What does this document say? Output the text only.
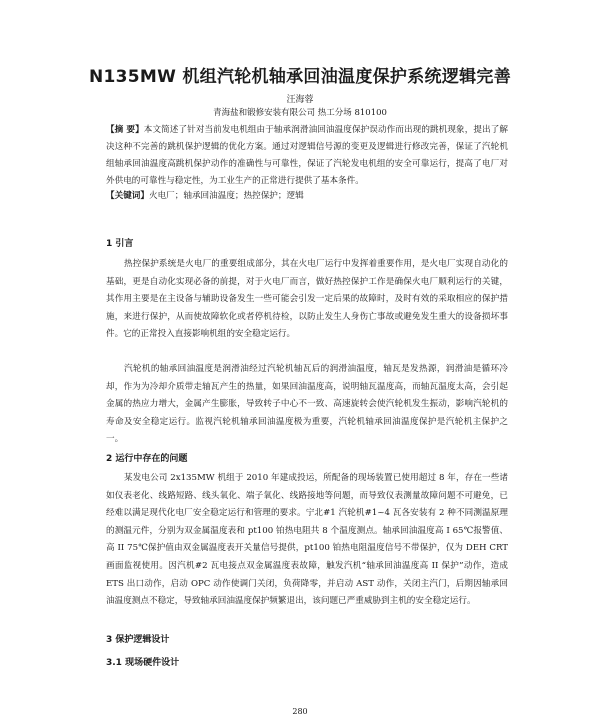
N135MW 机组汽轮机轴承回油温度保护系统逻辑完善
汪海蓉
青海盐和锻修安装有限公司 热工分场 810100
【摘 要】本文简述了针对当前发电机组由于轴承润滑油回油温度保护误动作而出现的跳机现象，提出了解决这种不完善的跳机保护逻辑的优化方案。通过对逻辑信号源的变更及逻辑进行修改完善，保证了汽轮机组轴承回油温度高跳机保护动作的准确性与可靠性，保证了汽轮发电机组的安全可靠运行，提高了电厂对外供电的可靠性与稳定性，为工业生产的正常进行提供了基本条件。
【关键词】火电厂；轴承回油温度；热控保护；逻辑
1 引言
热控保护系统是火电厂的重要组成部分，其在火电厂运行中发挥着重要作用，是火电厂实现自动化的基础，更是自动化实现必备的前提，对于火电厂而言，做好热控保护工作是确保火电厂顺利运行的关键，其作用主要是在主设备与辅助设备发生一些可能会引发一定后果的故障时，及时有效的采取相应的保护措施，来进行保护，从而使故障软化或者停机待检，以防止发生人身伤亡事故或避免发生重大的设备损坏事件。它的正常投入直接影响机组的安全稳定运行。
汽轮机的轴承回油温度是润滑油经过汽轮机轴瓦后的润滑油温度，轴瓦是发热源，润滑油是循环冷却，作为为冷却介质带走轴瓦产生的热量，如果回油温度高，说明轴瓦温度高，而轴瓦温度太高，会引起金属的热应力增大，金属产生膨胀，导致转子中心不一致、高速旋转会使汽轮机发生振动，影响汽轮机的寿命及安全稳定运行。监视汽轮机轴承回油温度极为重要，汽轮机轴承回油温度保护是汽轮机主保护之一。
2 运行中存在的问题
某发电公司 2x135MW 机组于 2010 年建成投运，所配备的现场装置已使用超过 8 年，存在一些诸如仪表老化、线路短路、线头氧化、端子氧化、线路接地等问题，而导致仪表测量故障问题不可避免，已经难以满足现代化电厂安全稳定运行和管理的要求。宁北#1 汽轮机#1~4 瓦各安装有 2 种不同测温原理的测温元件，分别为双金属温度表和 pt100 铂热电阻共 8 个温度测点。轴承回油温度高 I 65℃报警值、高 II 75℃保护值由双金属温度表开关量信号提供，pt100 铂热电阻温度信号不带保护，仅为 DEH CRT 画面监视使用。因汽机#2 瓦电接点双金属温度表故障，触发汽机“轴承回油温度高 II 保护”动作，造成 ETS 出口动作，启动 OPC 动作使调门关闭，负荷降零，并启动 AST 动作，关闭主汽门，后期因轴承回油温度测点不稳定，导致轴承回油温度保护频繁退出，该问题已严重威胁到主机的安全稳定运行。
3 保护逻辑设计
3.1 现场硬件设计
280
